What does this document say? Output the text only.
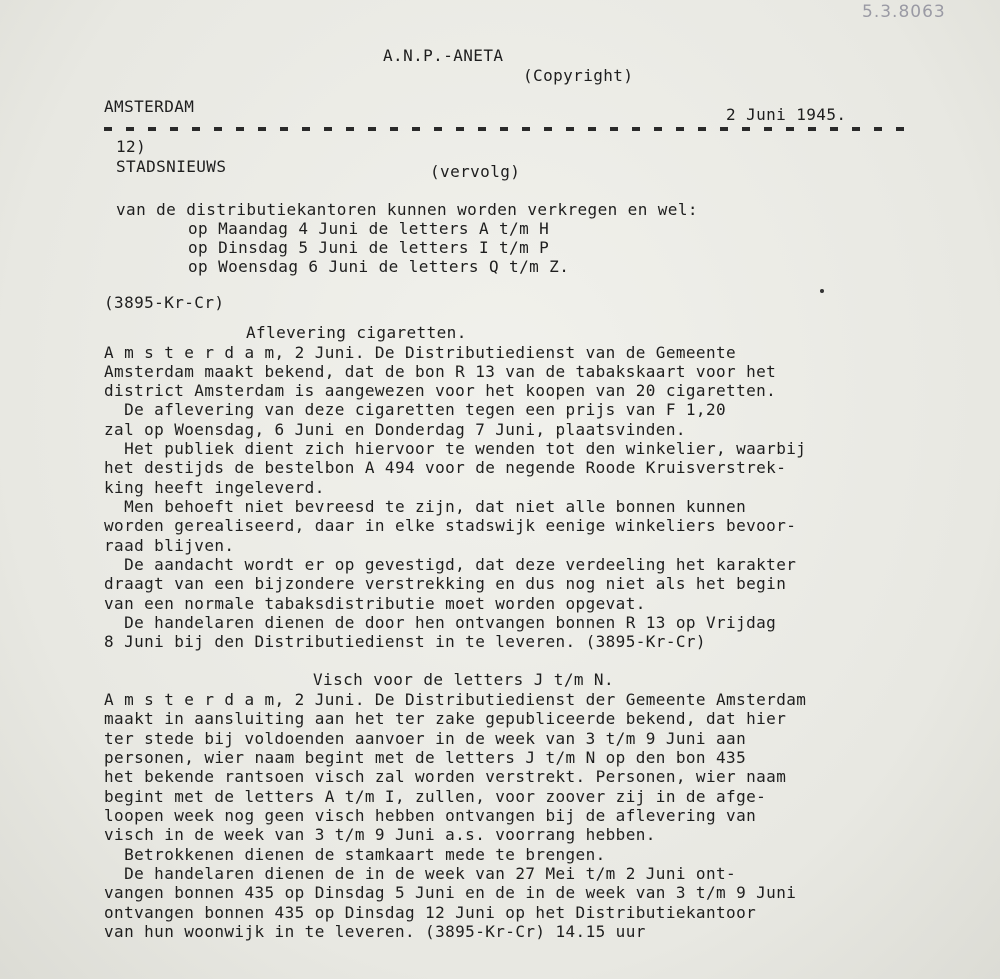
5.3.8063
A.N.P.-ANETA
(Copyright)
AMSTERDAM	2 Juni 1945.
12)
STADSNIEUWS	(vervolg)
van de distributiekantoren kunnen worden verkregen en wel:
op Maandag 4 Juni de letters A t/m H
op Dinsdag 5 Juni de letters I t/m P
op Woensdag 6 Juni de letters Q t/m Z.
(3895-Kr-Cr)
Aflevering cigaretten.
A m s t e r d a m, 2 Juni. De Distributiedienst van de Gemeente
Amsterdam maakt bekend, dat de bon R 13 van de tabakskaart voor het
district Amsterdam is aangewezen voor het koopen van 20 cigaretten.
De aflevering van deze cigaretten tegen een prijs van F 1,20
zal op Woensdag, 6 Juni en Donderdag 7 Juni, plaatsvinden.
Het publiek dient zich hiervoor te wenden tot den winkelier, waarbij
het destijds de bestelbon A 494 voor de negende Roode Kruisverstrek-
king heeft ingeleverd.
Men behoeft niet bevreesd te zijn, dat niet alle bonnen kunnen
worden gerealiseerd, daar in elke stadswijk eenige winkeliers bevoor-
raad blijven.
De aandacht wordt er op gevestigd, dat deze verdeeling het karakter
draagt van een bijzondere verstrekking en dus nog niet als het begin
van een normale tabaksdistributie moet worden opgevat.
De handelaren dienen de door hen ontvangen bonnen R 13 op Vrijdag
8 Juni bij den Distributiedienst in te leveren. (3895-Kr-Cr)
Visch voor de letters J t/m N.
A m s t e r d a m, 2 Juni. De Distributiedienst der Gemeente Amsterdam
maakt in aansluiting aan het ter zake gepubliceerde bekend, dat hier
ter stede bij voldoenden aanvoer in de week van 3 t/m 9 Juni aan
personen, wier naam begint met de letters J t/m N op den bon 435
het bekende rantsoen visch zal worden verstrekt. Personen, wier naam
begint met de letters A t/m I, zullen, voor zoover zij in de afge-
loopen week nog geen visch hebben ontvangen bij de aflevering van
visch in de week van 3 t/m 9 Juni a.s. voorrang hebben.
Betrokkenen dienen de stamkaart mede te brengen.
De handelaren dienen de in de week van 27 Mei t/m 2 Juni ont-
vangen bonnen 435 op Dinsdag 5 Juni en de in de week van 3 t/m 9 Juni
ontvangen bonnen 435 op Dinsdag 12 Juni op het Distributiekantoor
van hun woonwijk in te leveren. (3895-Kr-Cr) 14.15 uur
